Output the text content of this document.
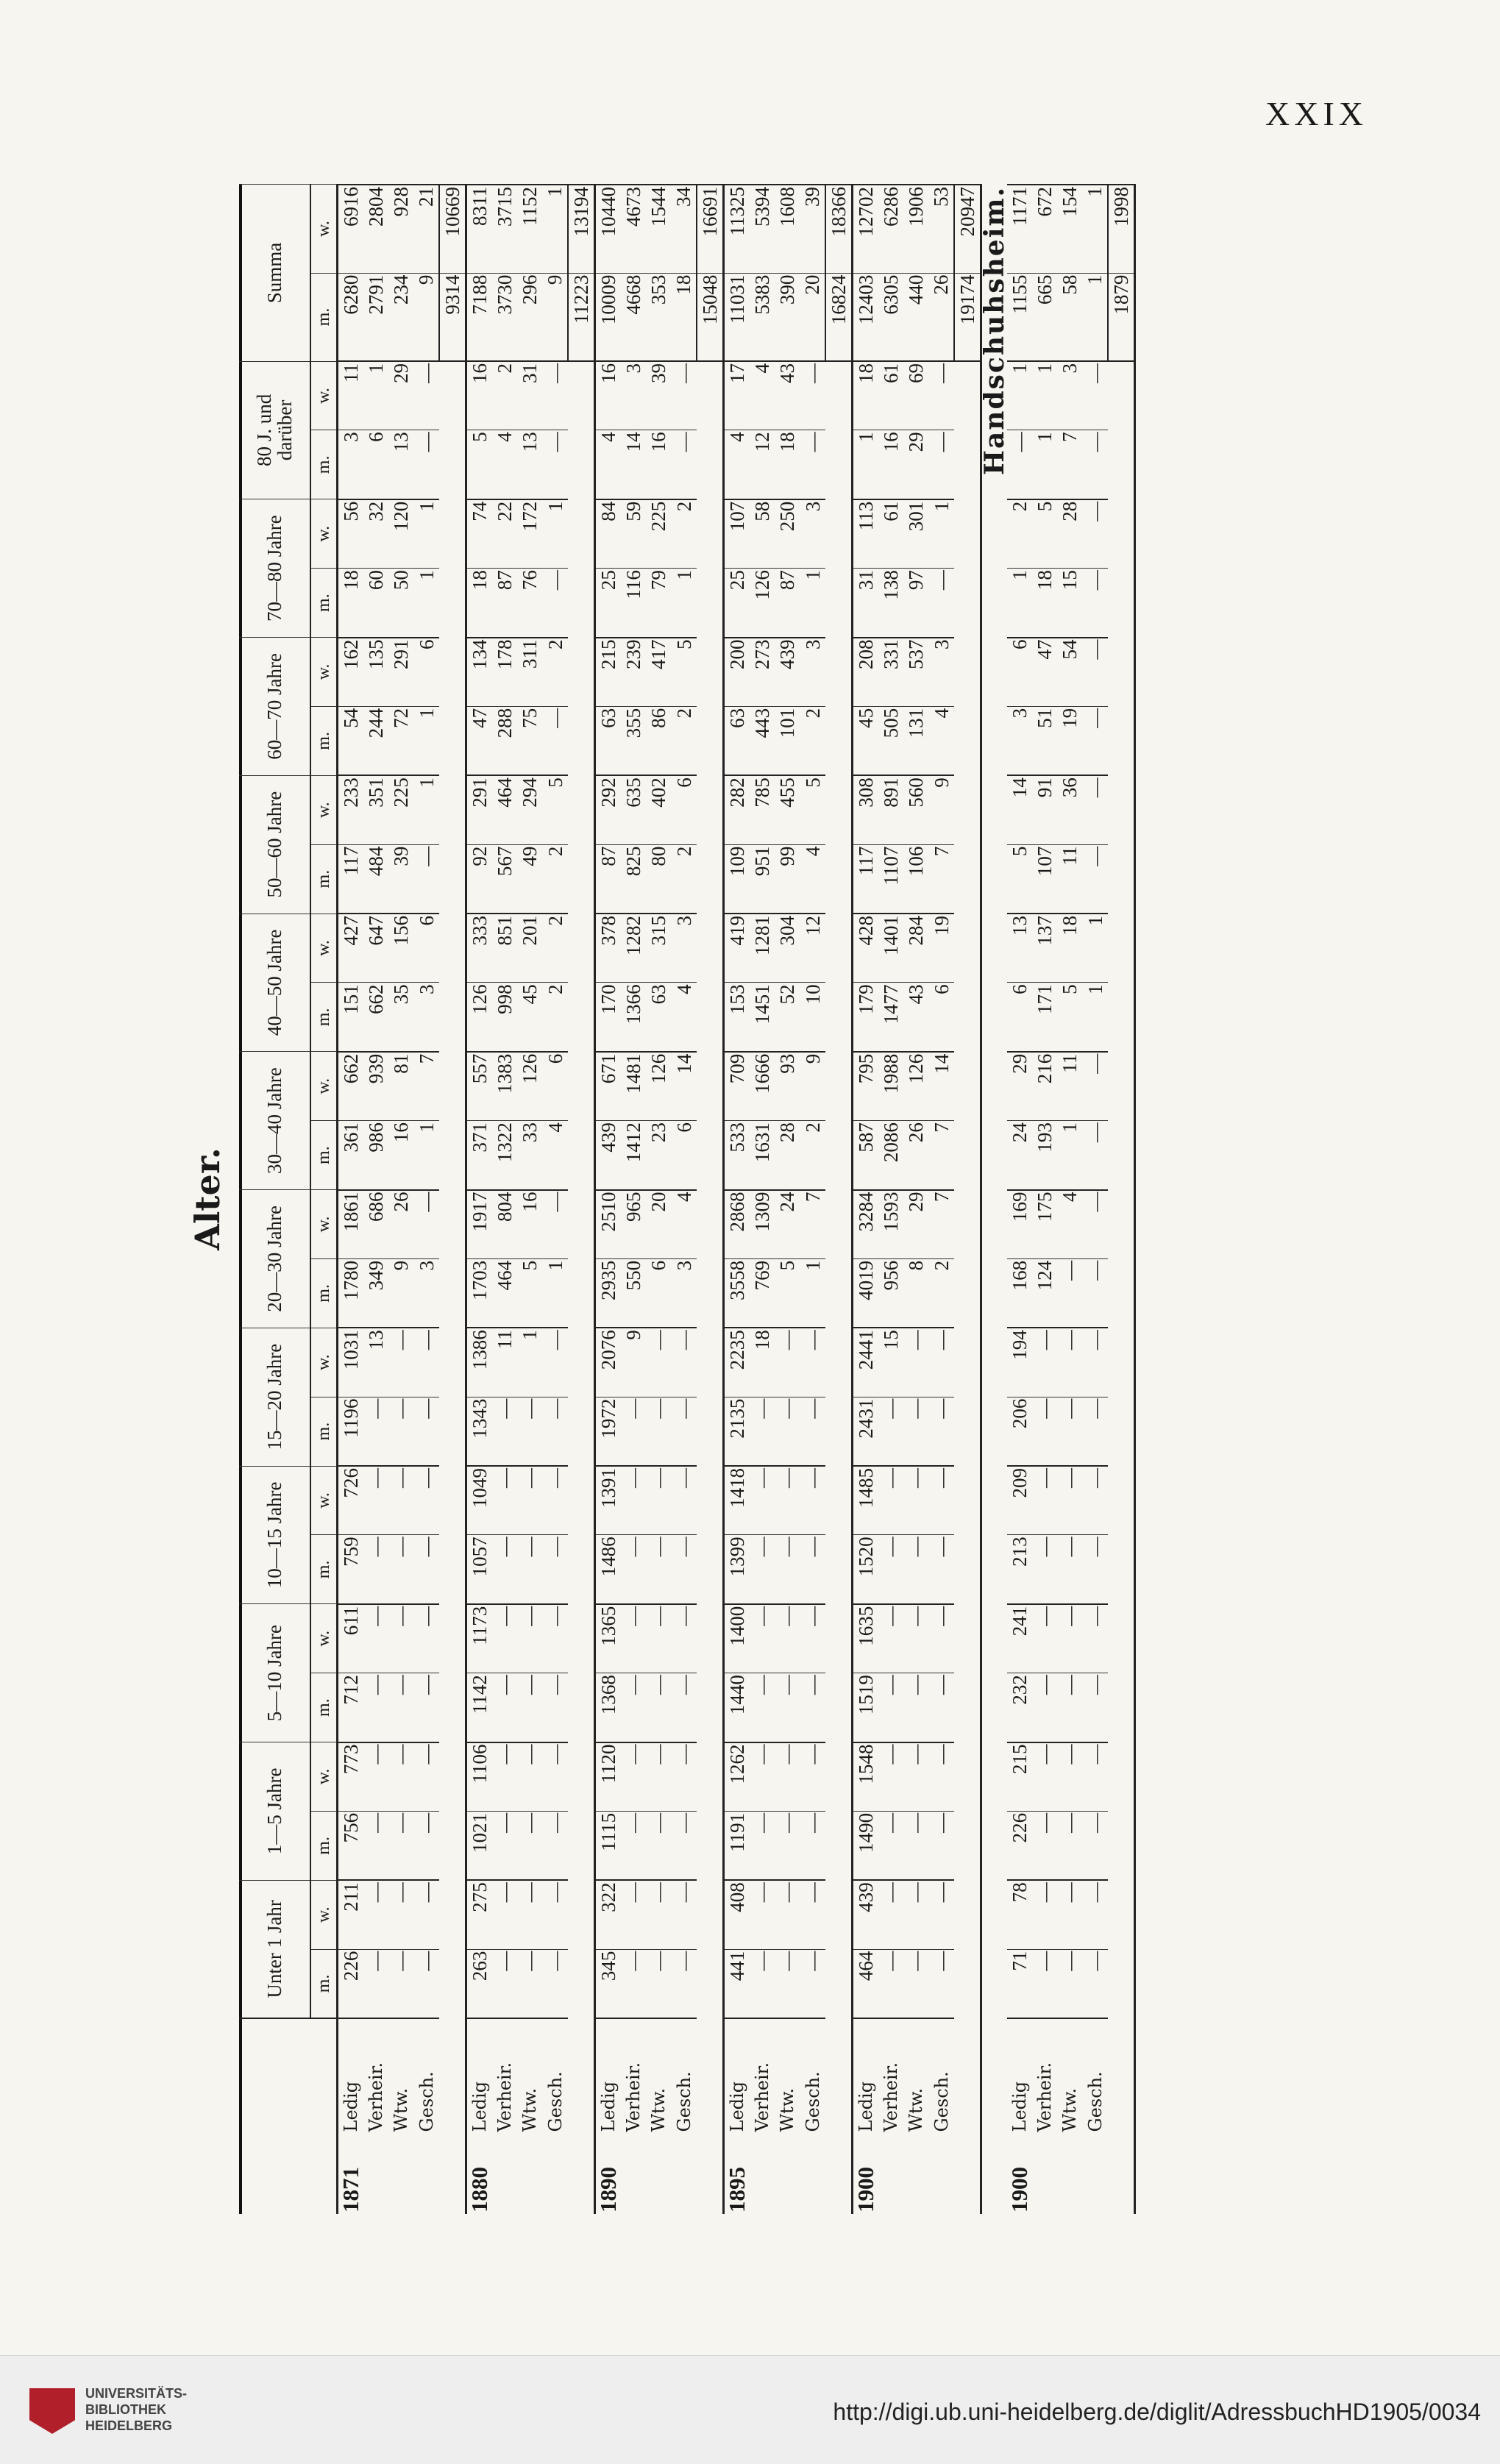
XXIX
Alter.
		Unter 1 Jahr		1—5 Jahre		5—10 Jahre		10—15 Jahre		15—20 Jahre		20—30 Jahre		30—40 Jahre		40—50 Jahre		50—60 Jahre		60—70 Jahre		70—80 Jahre		80 J. und darüber		Summa	
		m.	w.	m.	w.	m.	w.	m.	w.	m.	w.	m.	w.	m.	w.	m.	w.	m.	w.	m.	w.	m.	w.	m.	w.	m.	w.
1871	Ledig	226	211	756	773	712	611	759	726	1196	1031	1780	1861	361	662	151	427	117	233	54	162	18	56	3	11	6280	6916
	Verheir.	—	—	—	—	—	—	—	—	—	13	349	686	986	939	662	647	484	351	244	135	60	32	6	1	2791	2804
	Wtw.	—	—	—	—	—	—	—	—	—	—	9	26	16	81	35	156	39	225	72	291	50	120	13	29	234	928
	Gesch.	—	—	—	—	—	—	—	—	—	—	3	—	1	7	3	6	—	1	1	6	1	1	—	—	9	21
																										9314	10669
1880	Ledig	263	275	1021	1106	1142	1173	1057	1049	1343	1386	1703	1917	371	557	126	333	92	291	47	134	18	74	5	16	7188	8311
	Verheir.	—	—	—	—	—	—	—	—	—	11	464	804	1322	1383	998	851	567	464	288	178	87	22	4	2	3730	3715
	Wtw.	—	—	—	—	—	—	—	—	—	1	5	16	33	126	45	201	49	294	75	311	76	172	13	31	296	1152
	Gesch.	—	—	—	—	—	—	—	—	—	—	1	—	4	6	2	2	2	5	—	2	—	1	—	—	9	1
																										11223	13194
1890	Ledig	345	322	1115	1120	1368	1365	1486	1391	1972	2076	2935	2510	439	671	170	378	87	292	63	215	25	84	4	16	10009	10440
	Verheir.	—	—	—	—	—	—	—	—	—	9	550	965	1412	1481	1366	1282	825	635	355	239	116	59	14	3	4668	4673
	Wtw.	—	—	—	—	—	—	—	—	—	—	6	20	23	126	63	315	80	402	86	417	79	225	16	39	353	1544
	Gesch.	—	—	—	—	—	—	—	—	—	—	3	4	6	14	4	3	2	6	2	5	1	2	—	—	18	34
																										15048	16691
1895	Ledig	441	408	1191	1262	1440	1400	1399	1418	2135	2235	3558	2868	533	709	153	419	109	282	63	200	25	107	4	17	11031	11325
	Verheir.	—	—	—	—	—	—	—	—	—	18	769	1309	1631	1666	1451	1281	951	785	443	273	126	58	12	4	5383	5394
	Wtw.	—	—	—	—	—	—	—	—	—	—	5	24	28	93	52	304	99	455	101	439	87	250	18	43	390	1608
	Gesch.	—	—	—	—	—	—	—	—	—	—	1	7	2	9	10	12	4	5	2	3	1	3	—	—	20	39
																										16824	18366
1900	Ledig	464	439	1490	1548	1519	1635	1520	1485	2431	2441	4019	3284	587	795	179	428	117	308	45	208	31	113	1	18	12403	12702
	Verheir.	—	—	—	—	—	—	—	—	—	15	956	1593	2086	1988	1477	1401	1107	891	505	331	138	61	16	61	6305	6286
	Wtw.	—	—	—	—	—	—	—	—	—	—	8	29	26	126	43	284	106	560	131	537	97	301	29	69	440	1906
	Gesch.	—	—	—	—	—	—	—	—	—	—	2	7	7	14	6	19	7	9	4	3	—	1	—	—	26	53
																										19174	20947
Handschuhsheim.																											
1900	Ledig	71	78	226	215	232	241	213	209	206	194	168	169	24	29	6	13	5	14	3	6	1	2	—	1	1155	1171
	Verheir.	—	—	—	—	—	—	—	—	—	—	124	175	193	216	171	137	107	91	51	47	18	5	1	1	665	672
	Wtw.	—	—	—	—	—	—	—	—	—	—	—	4	1	11	5	18	11	36	19	54	15	28	7	3	58	154
	Gesch.	—	—	—	—	—	—	—	—	—	—	—	—	—	—	1	1	—	—	—	—	—	—	—	—	1	1
																										1879	1998
UNIVERSITÄTS-
BIBLIOTHEK
HEIDELBERG
http://digi.ub.uni-heidelberg.de/diglit/AdressbuchHD1905/0034
